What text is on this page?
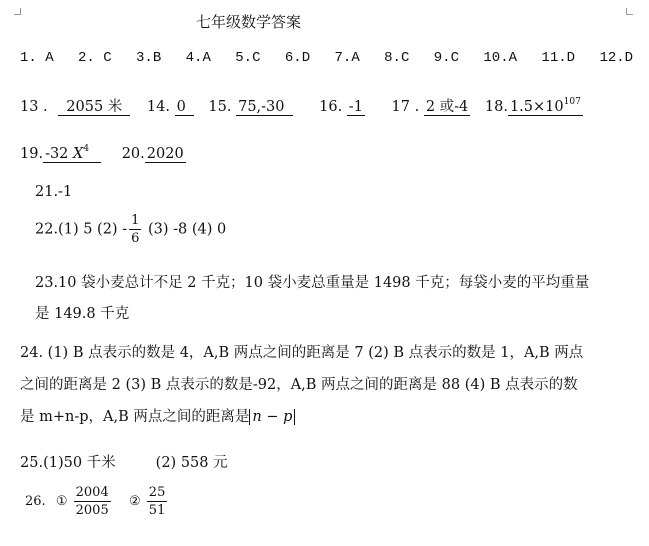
七年级数学答案
1. A 2. C 3.B 4.A 5.C 6.D 7.A 8.C 9.C 10.A 11.D 12.D
13 . 2055 米 14. 0 15. 75,-30 16. -1 17 . 2 或-4 18. $1.5\times 10^{107}$
19. -32 $X^4$ 20. 2020
21.-1
22.(1) 5 $(2) - \frac{1}{6} (3)$ -8 (4) 0
23.10 袋小麦总计不足 2 千克；10 袋小麦总重量是 1498 千克；每袋小麦的平均重量
是 149.8 千克
24. (1) B 点表示的数是 4，A,B 两点之间的距离是 7 (2) B 点表示的数是 1，A,B 两点
之间的距离是 2 (3) B 点表示的数是-92，A,B 两点之间的距离是 88 (4) B 点表示的数
是 m+n-p，A,B 两点之间的距离是 n − p
25.(1)50 千米	(2) 558 元
26. ① $\frac{2004}{2005}$ ② $\frac{25}{51}$
